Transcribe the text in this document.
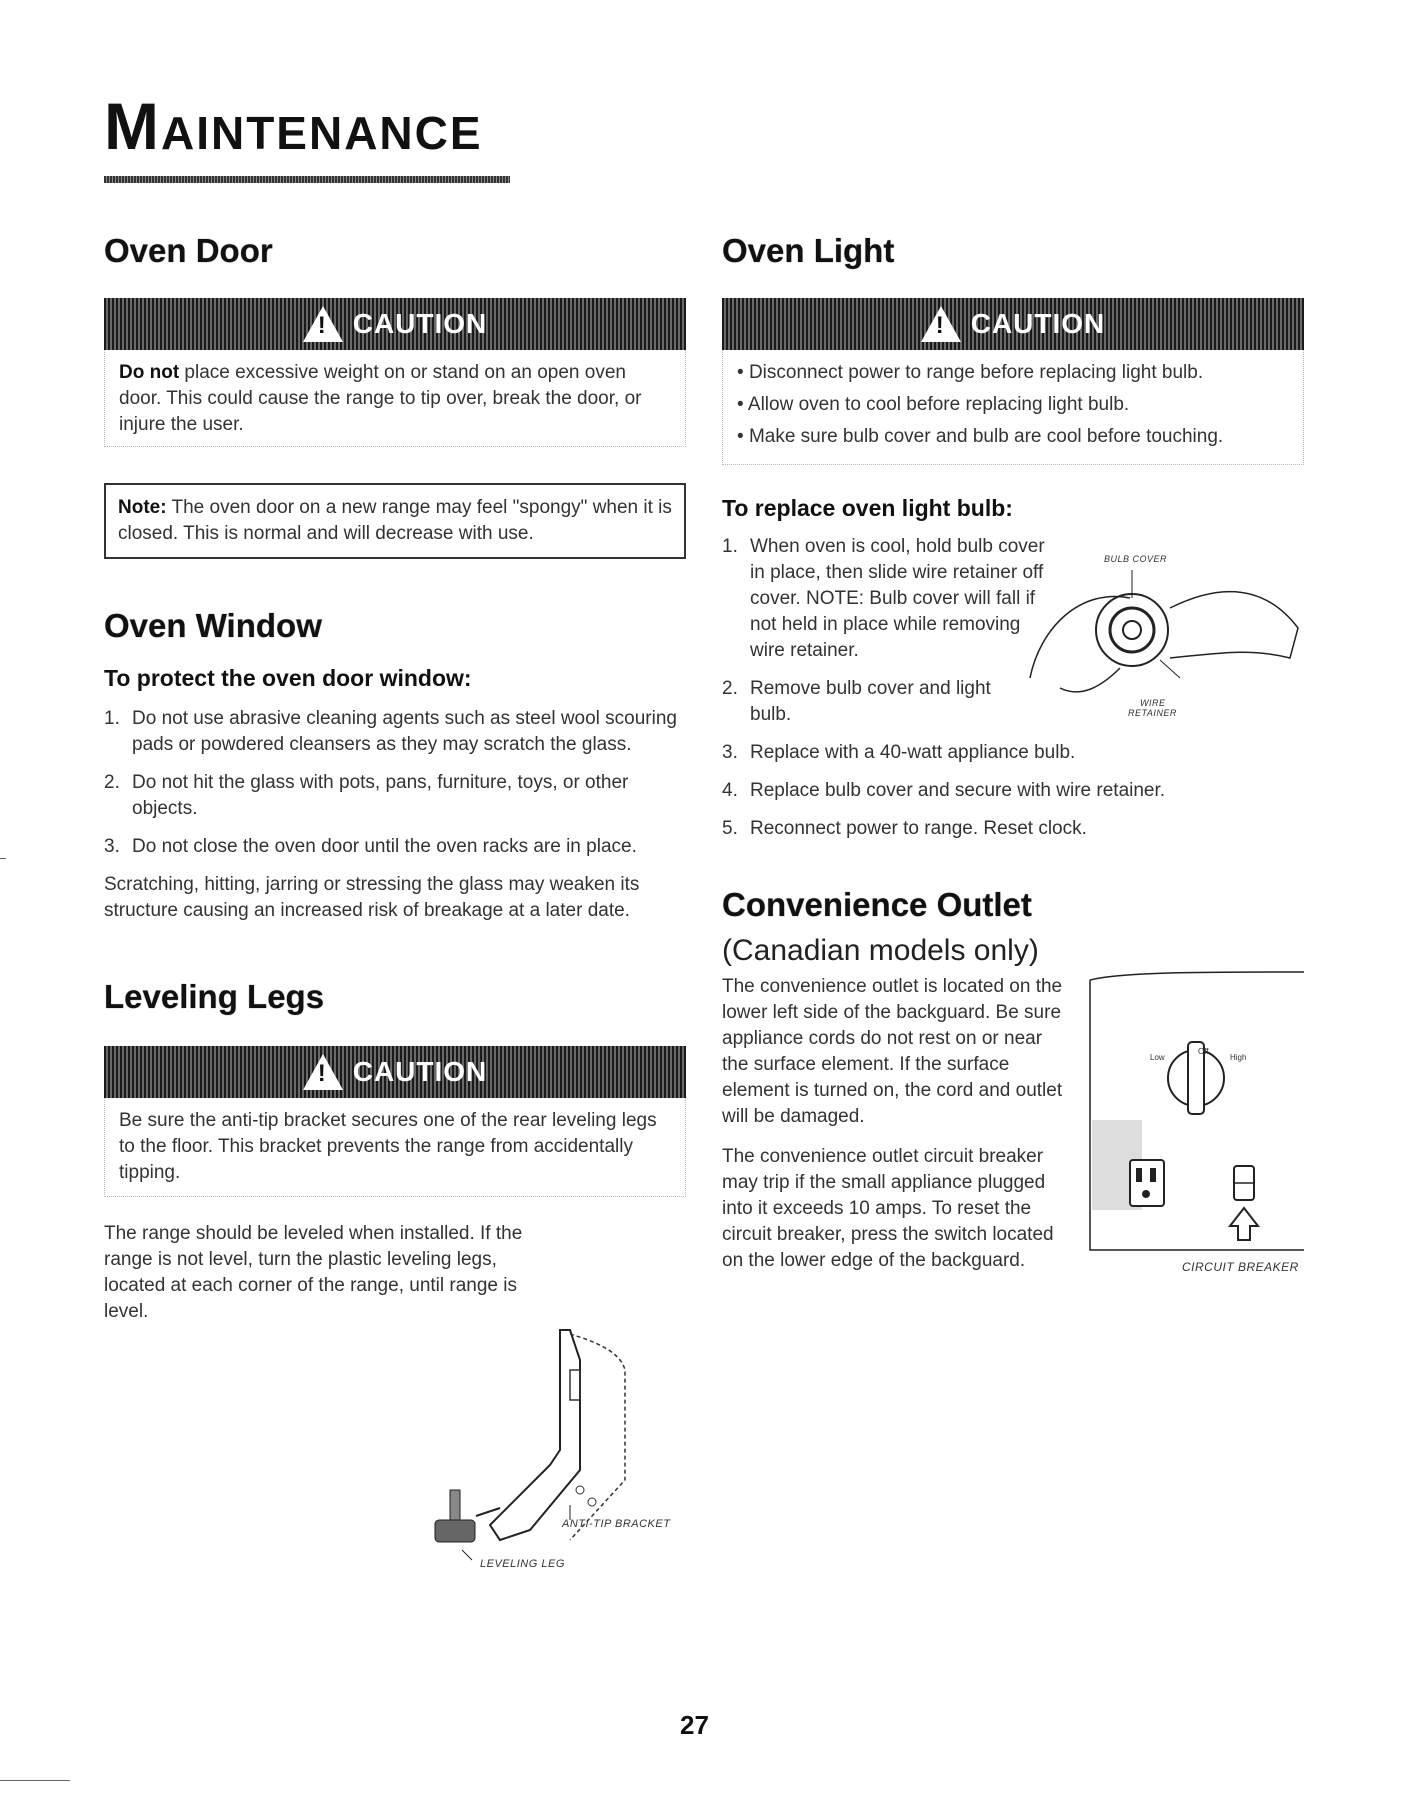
MAINTENANCE
Oven Door
! CAUTION

Do not place excessive weight on or stand on an open oven door. This could cause the range to tip over, break the door, or injure the user.

Note: The oven door on a new range may feel "spongy" when it is closed. This is normal and will decrease with use.
Oven Window
To protect the oven door window:
1. Do not use abrasive cleaning agents such as steel wool scouring pads or powdered cleansers as they may scratch the glass.
2. Do not hit the glass with pots, pans, furniture, toys, or other objects.
3. Do not close the oven door until the oven racks are in place.

Scratching, hitting, jarring or stressing the glass may weaken its structure causing an increased risk of breakage at a later date.

Leveling Legs
! CAUTION

Be sure the anti-tip bracket secures one of the rear leveling legs to the floor. This bracket prevents the range from accidentally tipping.

The range should be leveled when installed. If the range is not level, turn the plastic leveling legs, located at each corner of the range, until range is level.

ANTI-TIP BRACKET
LEVELING LEG
Oven Light
! CAUTION

• Disconnect power to range before replacing light bulb.

• Allow oven to cool before replacing light bulb.

• Make sure bulb cover and bulb are cool before touching.

To replace oven light bulb:
1. When oven is cool, hold bulb cover in place, then slide wire retainer off cover. NOTE: Bulb cover will fall if not held in place while removing wire retainer.
2. Remove bulb cover and light bulb.
3. Replace with a 40-watt appliance bulb.
4. Replace bulb cover and secure with wire retainer.
5. Reconnect power to range. Reset clock.
Convenience Outlet

(Canadian models only)

The convenience outlet is located on the lower left side of the backguard. Be sure appliance cords do not rest on or near the surface element. If the surface element is turned on, the cord and outlet will be damaged.

The convenience outlet circuit breaker may trip if the small appliance plugged into it exceeds 10 amps. To reset the circuit breaker, press the switch located on the lower edge of the backguard.

BULB COVER
WIRE
RETAINER
Low
Off
High
CIRCUIT BREAKER
27
